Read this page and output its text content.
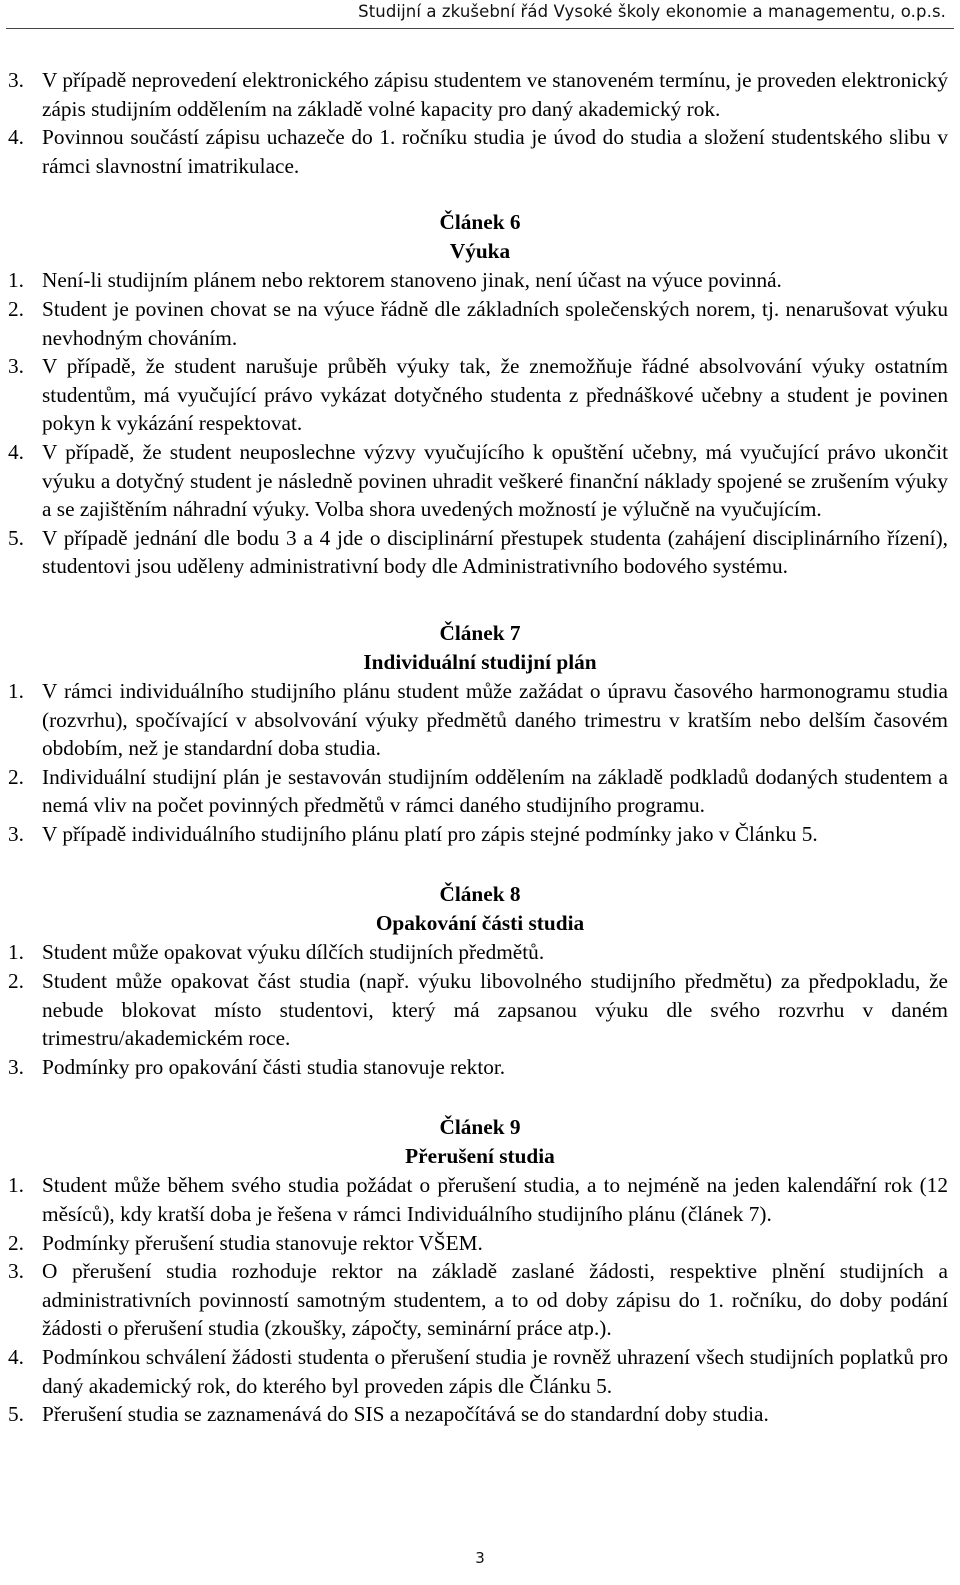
Studijní a zkušební řád Vysoké školy ekonomie a managementu, o.p.s.
3. V případě neprovedení elektronického zápisu studentem ve stanoveném termínu, je proveden elektronický zápis studijním oddělením na základě volné kapacity pro daný akademický rok.
4. Povinnou součástí zápisu uchazeče do 1. ročníku studia je úvod do studia a složení studentského slibu v rámci slavnostní imatrikulace.
Článek 6
Výuka
1. Není-li studijním plánem nebo rektorem stanoveno jinak, není účast na výuce povinná.
2. Student je povinen chovat se na výuce řádně dle základních společenských norem, tj. nenarušovat výuku nevhodným chováním.
3. V případě, že student narušuje průběh výuky tak, že znemožňuje řádné absolvování výuky ostatním studentům, má vyučující právo vykázat dotyčného studenta z přednáškové učebny a student je povinen pokyn k vykázání respektovat.
4. V případě, že student neuposlechne výzvy vyučujícího k opuštění učebny, má vyučující právo ukončit výuku a dotyčný student je následně povinen uhradit veškeré finanční náklady spojené se zrušením výuky a se zajištěním náhradní výuky. Volba shora uvedených možností je výlučně na vyučujícím.
5. V případě jednání dle bodu 3 a 4 jde o disciplinární přestupek studenta (zahájení disciplinárního řízení), studentovi jsou uděleny administrativní body dle Administrativního bodového systému.
Článek 7
Individuální studijní plán
1. V rámci individuálního studijního plánu student může zažádat o úpravu časového harmonogramu studia (rozvrhu), spočívající v absolvování výuky předmětů daného trimestru v kratším nebo delším časovém obdobím, než je standardní doba studia.
2. Individuální studijní plán je sestavován studijním oddělením na základě podkladů dodaných studentem a nemá vliv na počet povinných předmětů v rámci daného studijního programu.
3. V případě individuálního studijního plánu platí pro zápis stejné podmínky jako v Článku 5.
Článek 8
Opakování části studia
1. Student může opakovat výuku dílčích studijních předmětů.
2. Student může opakovat část studia (např. výuku libovolného studijního předmětu) za předpokladu, že nebude blokovat místo studentovi, který má zapsanou výuku dle svého rozvrhu v daném trimestru/akademickém roce.
3. Podmínky pro opakování části studia stanovuje rektor.
Článek 9
Přerušení studia
1. Student může během svého studia požádat o přerušení studia, a to nejméně na jeden kalendářní rok (12 měsíců), kdy kratší doba je řešena v rámci Individuálního studijního plánu (článek 7).
2. Podmínky přerušení studia stanovuje rektor VŠEM.
3. O přerušení studia rozhoduje rektor na základě zaslané žádosti, respektive plnění studijních a administrativních povinností samotným studentem, a to od doby zápisu do 1. ročníku, do doby podání žádosti o přerušení studia (zkoušky, zápočty, seminární práce atp.).
4. Podmínkou schválení žádosti studenta o přerušení studia je rovněž uhrazení všech studijních poplatků pro daný akademický rok, do kterého byl proveden zápis dle Článku 5.
5. Přerušení studia se zaznamenává do SIS a nezapočítává se do standardní doby studia.
3
